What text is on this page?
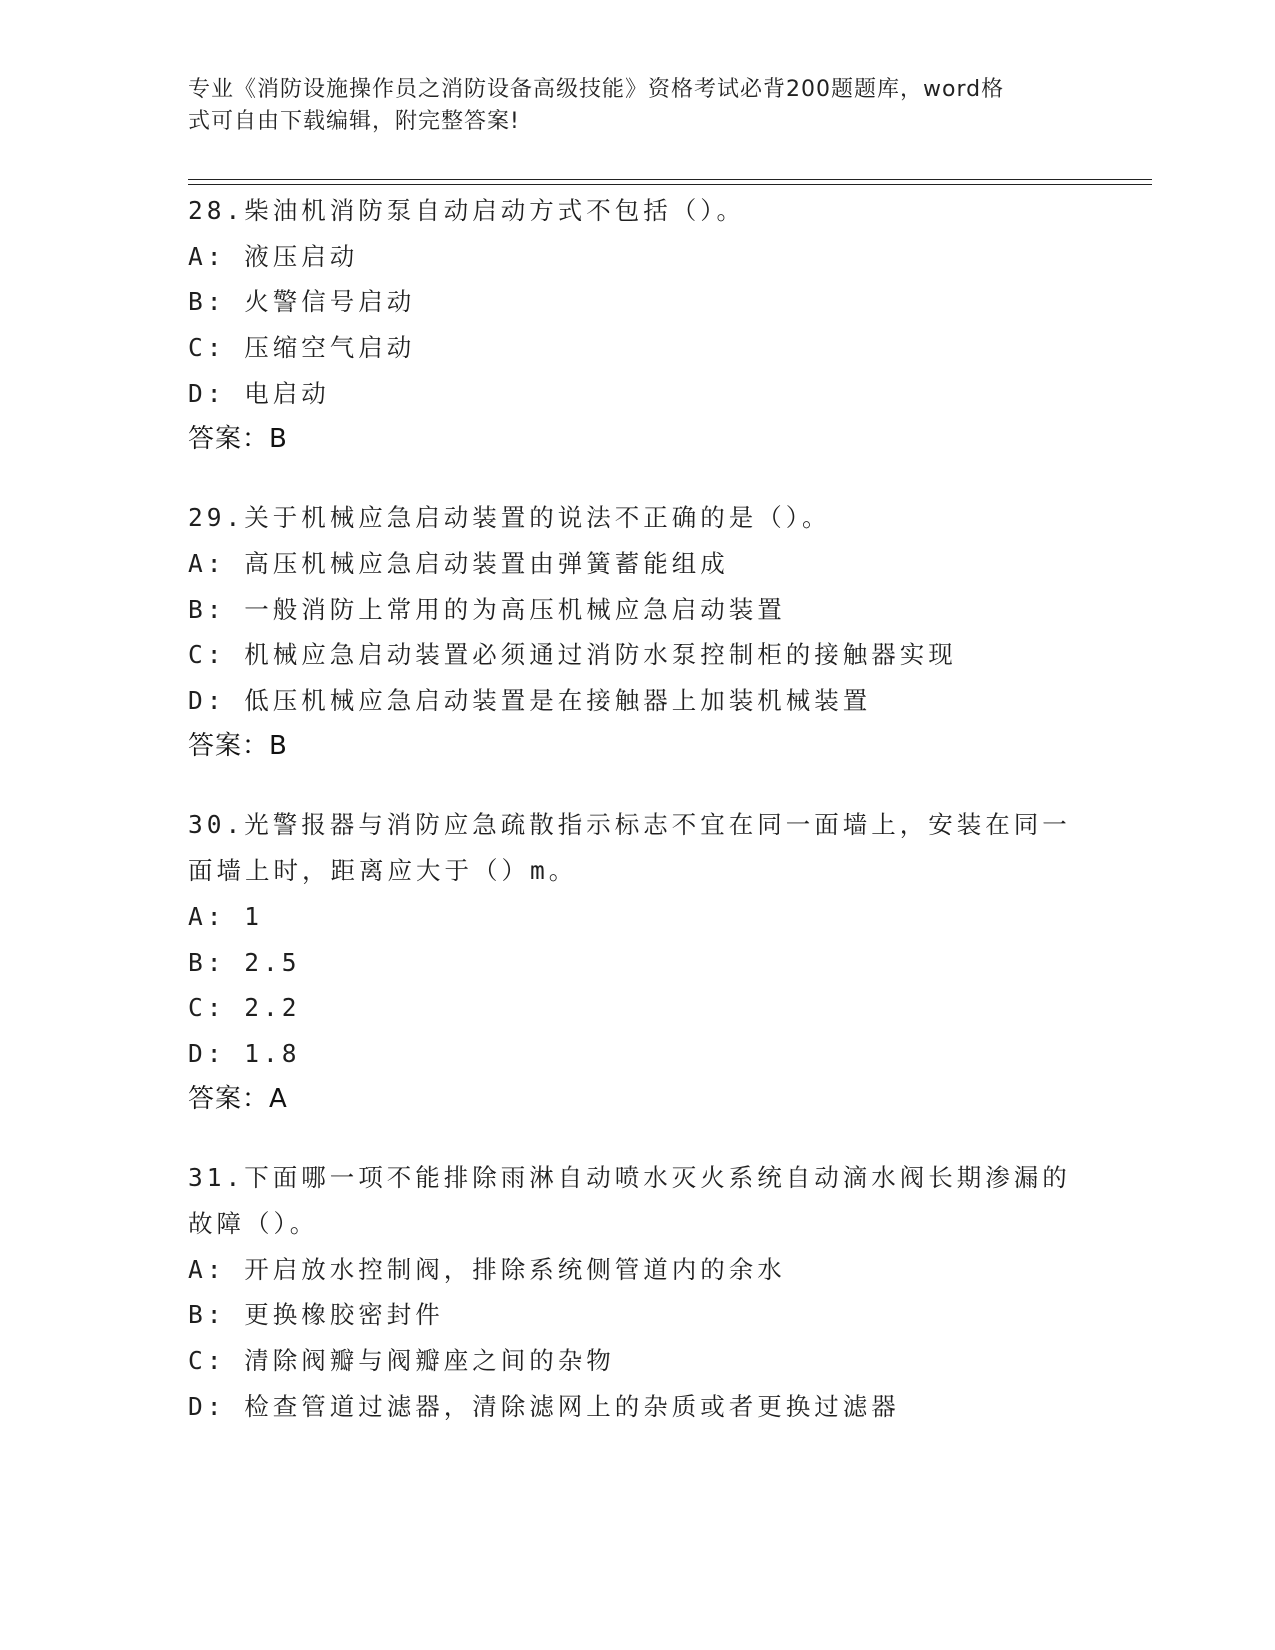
专业《消防设施操作员之消防设备高级技能》资格考试必背200题题库，word格
式可自由下载编辑，附完整答案!
28.柴油机消防泵自动启动方式不包括（）。
A: 液压启动
B: 火警信号启动
C: 压缩空气启动
D: 电启动
答案：B
29.关于机械应急启动装置的说法不正确的是（）。
A: 高压机械应急启动装置由弹簧蓄能组成
B: 一般消防上常用的为高压机械应急启动装置
C: 机械应急启动装置必须通过消防水泵控制柜的接触器实现
D: 低压机械应急启动装置是在接触器上加装机械装置
答案：B
30.光警报器与消防应急疏散指示标志不宜在同一面墙上，安装在同一
面墙上时，距离应大于（）m。
A: 1
B: 2.5
C: 2.2
D: 1.8
答案：A
31.下面哪一项不能排除雨淋自动喷水灭火系统自动滴水阀长期渗漏的
故障（）。
A: 开启放水控制阀，排除系统侧管道内的余水
B: 更换橡胶密封件
C: 清除阀瓣与阀瓣座之间的杂物
D: 检查管道过滤器，清除滤网上的杂质或者更换过滤器
